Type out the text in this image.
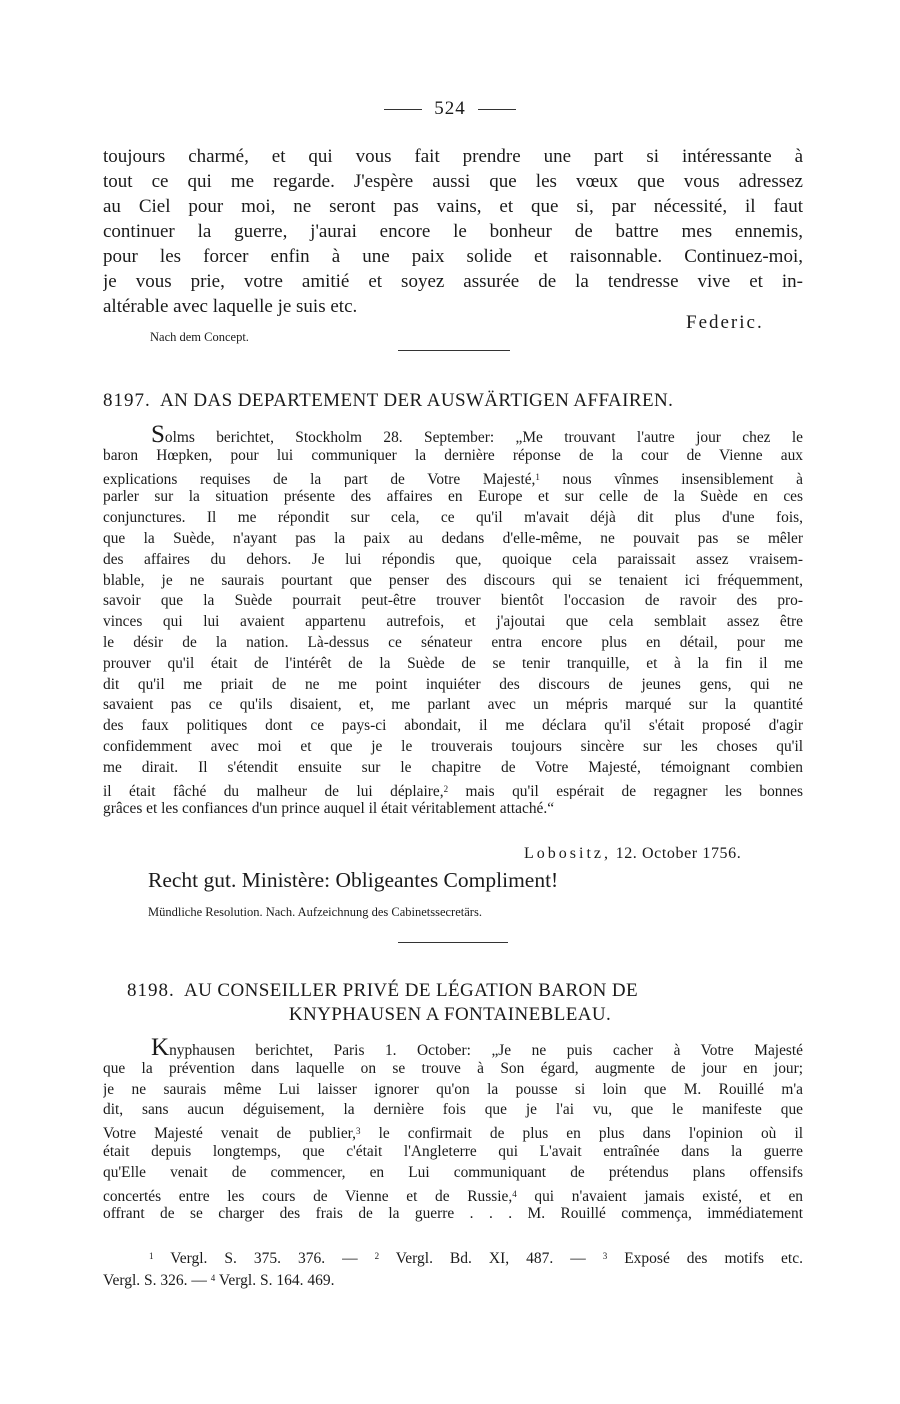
524
toujours charmé, et qui vous fait prendre une part si intéressante à
tout ce qui me regarde. J'espère aussi que les vœux que vous adressez
au Ciel pour moi, ne seront pas vains, et que si, par nécessité, il faut
continuer la guerre, j'aurai encore le bonheur de battre mes ennemis,
pour les forcer enfin à une paix solide et raisonnable. Continuez-moi,
je vous prie, votre amitié et soyez assurée de la tendresse vive et in-
altérable avec laquelle je suis etc.
Federic.
Nach dem Concept.
8197. AN DAS DEPARTEMENT DER AUSWÄRTIGEN AFFAIREN.
Solms berichtet, Stockholm 28. September: „Me trouvant l'autre jour chez le
baron Hœpken, pour lui communiquer la dernière réponse de la cour de Vienne aux
explications requises de la part de Votre Majesté,$^1$ nous vînmes insensiblement à
parler sur la situation présente des affaires en Europe et sur celle de la Suède en ces
conjunctures. Il me répondit sur cela, ce qu'il m'avait déjà dit plus d'une fois,
que la Suède, n'ayant pas la paix au dedans d'elle-même, ne pouvait pas se mêler
des affaires du dehors. Je lui répondis que, quoique cela paraissait assez vraisem-
blable, je ne saurais pourtant que penser des discours qui se tenaient ici fréquemment,
savoir que la Suède pourrait peut-être trouver bientôt l'occasion de ravoir des pro-
vinces qui lui avaient appartenu autrefois, et j'ajoutai que cela semblait assez être
le désir de la nation. Là-dessus ce sénateur entra encore plus en détail, pour me
prouver qu'il était de l'intérêt de la Suède de se tenir tranquille, et à la fin il me
dit qu'il me priait de ne me point inquiéter des discours de jeunes gens, qui ne
savaient pas ce qu'ils disaient, et, me parlant avec un mépris marqué sur la quantité
des faux politiques dont ce pays-ci abondait, il me déclara qu'il s'était proposé d'agir
confidemment avec moi et que je le trouverais toujours sincère sur les choses qu'il
me dirait. Il s'étendit ensuite sur le chapitre de Votre Majesté, témoignant combien
il était fâché du malheur de lui déplaire,$^2$ mais qu'il espérait de regagner les bonnes
grâces et les confiances d'un prince auquel il était véritablement attaché.“
Lobositz, 12. October 1756.
Recht gut. Ministère: Obligeantes Compliment!
Mündliche Resolution. Nach. Aufzeichnung des Cabinetssecretärs.
8198. AU CONSEILLER PRIVÉ DE LÉGATION BARON DE
KNYPHAUSEN A FONTAINEBLEAU.
Knyphausen berichtet, Paris 1. October: „Je ne puis cacher à Votre Majesté
que la prévention dans laquelle on se trouve à Son égard, augmente de jour en jour;
je ne saurais même Lui laisser ignorer qu'on la pousse si loin que M. Rouillé m'a
dit, sans aucun déguisement, la dernière fois que je l'ai vu, que le manifeste que
Votre Majesté venait de publier,$^3$ le confirmait de plus en plus dans l'opinion où il
était depuis longtemps, que c'était l'Angleterre qui L'avait entraînée dans la guerre
qu'Elle venait de commencer, en Lui communiquant de prétendus plans offensifs
concertés entre les cours de Vienne et de Russie,$^4$ qui n'avaient jamais existé, et en
offrant de se charger des frais de la guerre . . . M. Rouillé commença, immédiatement
$^1$ Vergl. S. 375. 376. — $^2$ Vergl. Bd. XI, 487. — $^3$ Exposé des motifs etc.
Vergl. S. 326. — $^4$ Vergl. S. 164. 469.
